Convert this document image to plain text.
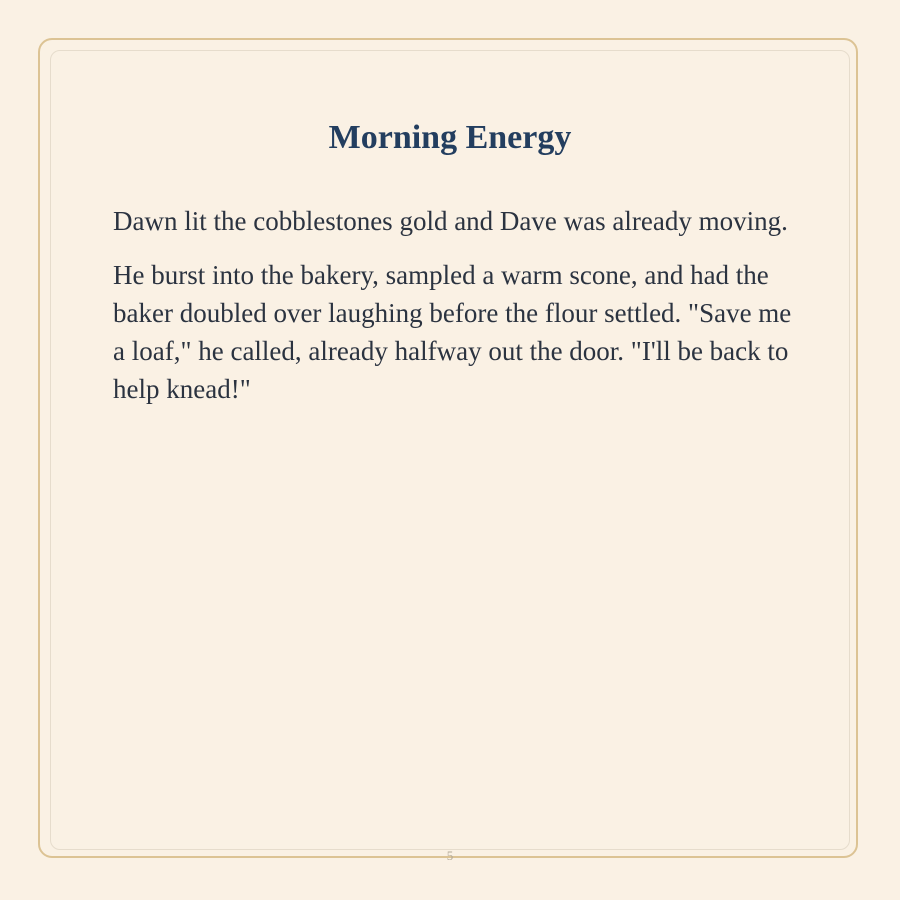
Morning Energy

Dawn lit the cobblestones gold and Dave was already moving.

He burst into the bakery, sampled a warm scone, and had the baker doubled over laughing before the flour settled. "Save me a loaf," he called, already halfway out the door. "I'll be back to help knead!"

5
